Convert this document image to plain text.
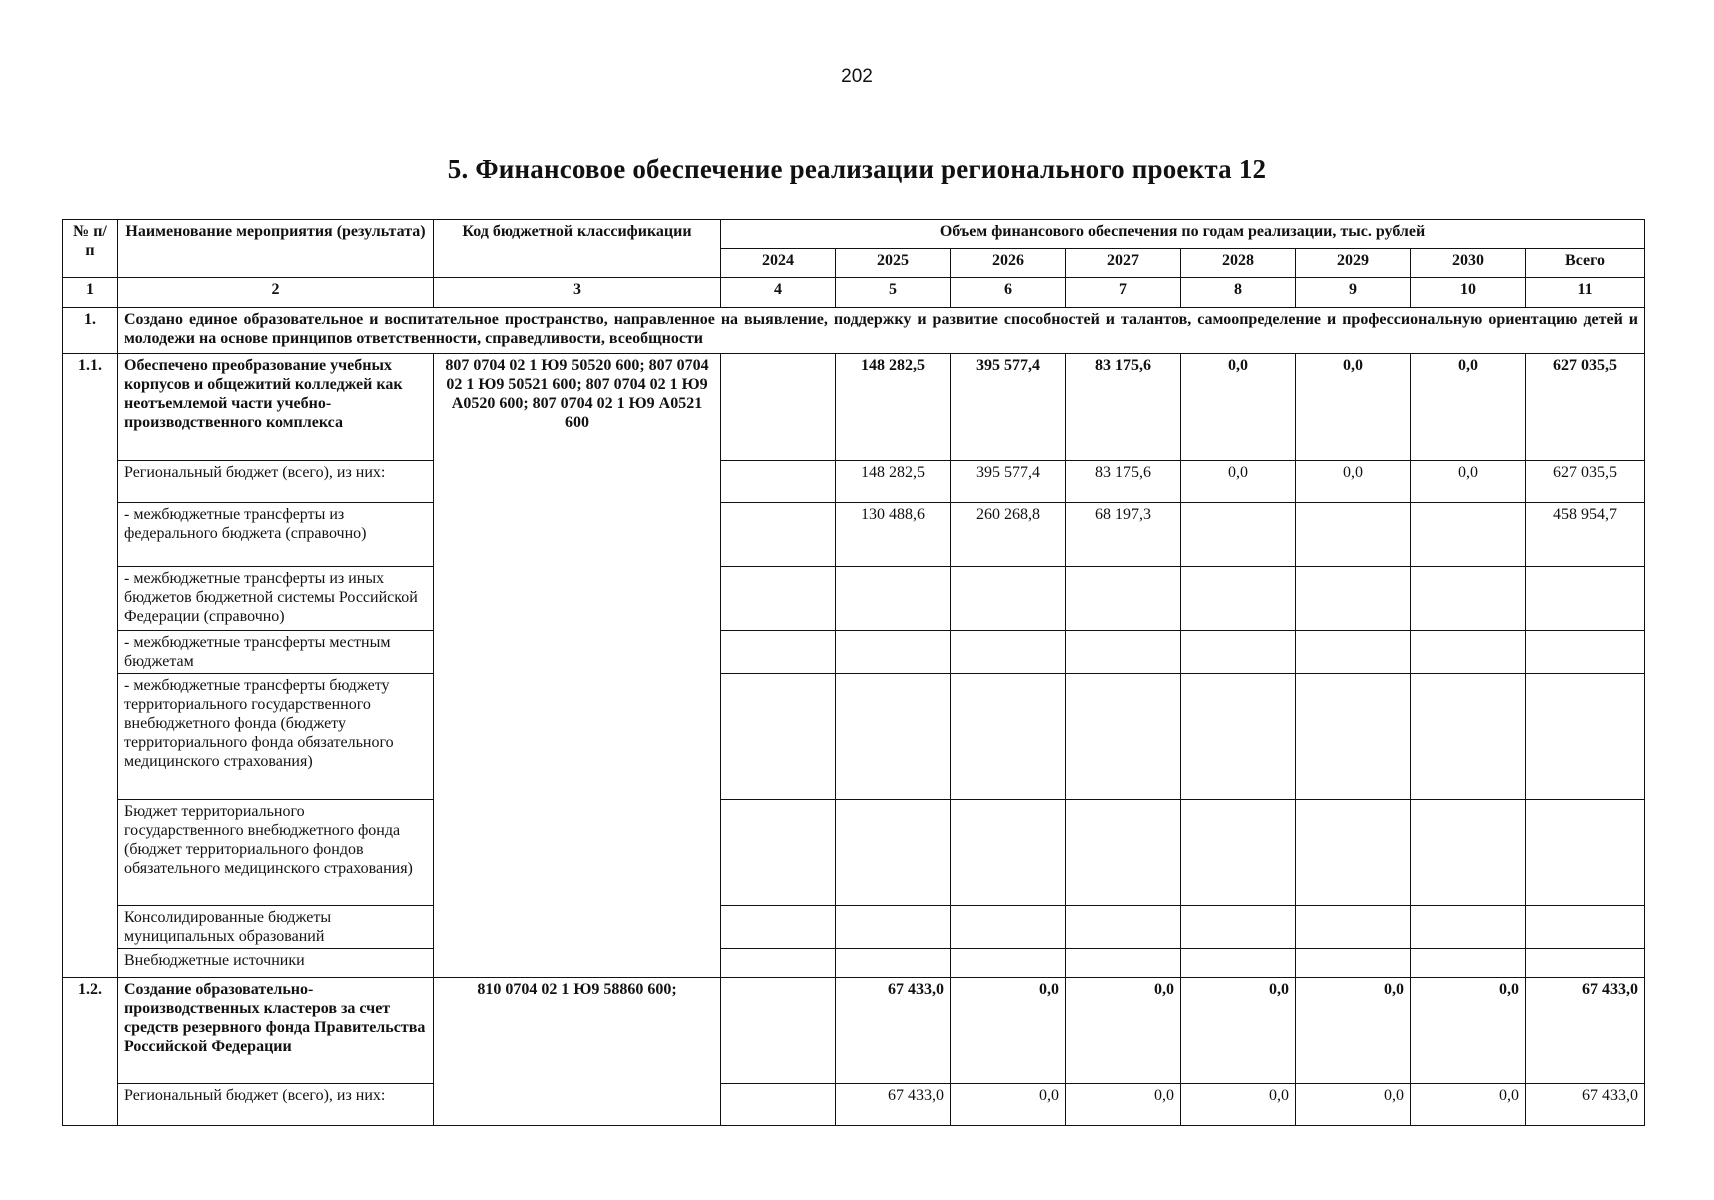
202
5. Финансовое обеспечение реализации регионального проекта 12
№ п/п	Наименование мероприятия (результата)	Код бюджетной классификации	Объем финансового обеспечения по годам реализации, тыс. рублей							
			2024	2025	2026	2027	2028	2029	2030	Всего
1	2	3	4	5	6	7	8	9	10	11
1.	Создано единое образовательное и воспитательное пространство, направленное на выявление, поддержку и развитие способностей и талантов, самоопределение и профессиональную ориентацию детей и молодежи на основе принципов ответственности, справедливости, всеобщности									
1.1.	Обеспечено преобразование учебных корпусов и общежитий колледжей как неотъемлемой части учебно-производственного комплекса	807 0704 02 1 Ю9 50520 600; 807 0704 02 1 Ю9 50521 600; 807 0704 02 1 Ю9 А0520 600; 807 0704 02 1 Ю9 А0521 600		148 282,5	395 577,4	83 175,6	0,0	0,0	0,0	627 035,5
	Региональный бюджет (всего), из них:			148 282,5	395 577,4	83 175,6	0,0	0,0	0,0	627 035,5
	- межбюджетные трансферты из федерального бюджета (справочно)			130 488,6	260 268,8	68 197,3				458 954,7
	- межбюджетные трансферты из иных бюджетов бюджетной системы Российской Федерации (справочно)									
	- межбюджетные трансферты местным бюджетам									
	- межбюджетные трансферты бюджету территориального государственного внебюджетного фонда (бюджету территориального фонда обязательного медицинского страхования)									
	Бюджет территориального государственного внебюджетного фонда (бюджет территориального фондов обязательного медицинского страхования)									
	Консолидированные бюджеты муниципальных образований									
	Внебюджетные источники									
1.2.	Создание образовательно-производственных кластеров за счет средств резервного фонда Правительства Российской Федерации	810 0704 02 1 Ю9 58860 600;		67 433,0	0,0	0,0	0,0	0,0	0,0	67 433,0
	Региональный бюджет (всего), из них:			67 433,0	0,0	0,0	0,0	0,0	0,0	67 433,0
